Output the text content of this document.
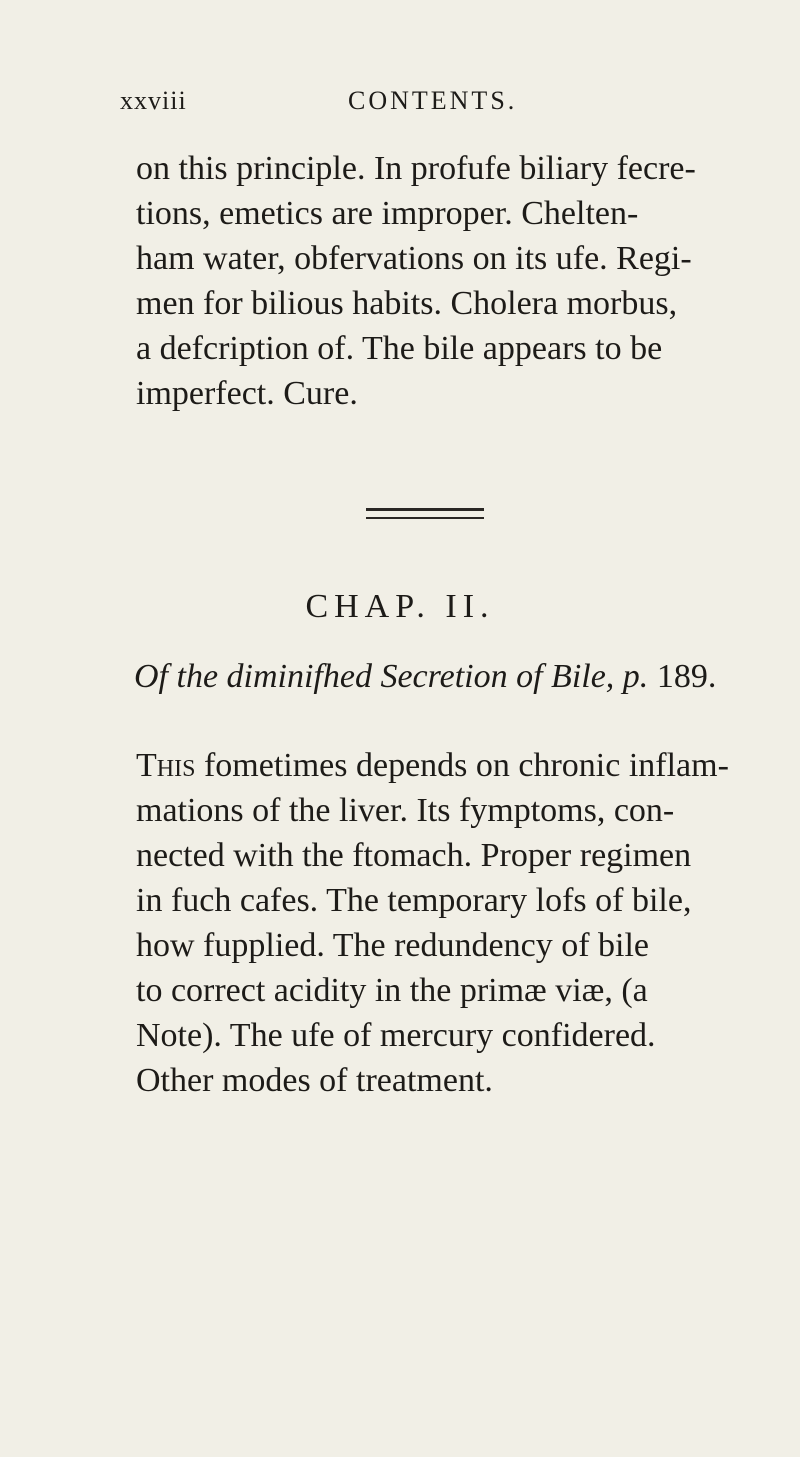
xxviii	CONTENTS.
on this principle. In profufe biliary fecre-
tions, emetics are improper. Chelten-
ham water, obfervations on its ufe. Regi-
men for bilious habits. Cholera morbus,
a defcription of. The bile appears to be
imperfect. Cure.
CHAP. II.
Of the diminifhed Secretion of Bile, p. 189.
This fometimes depends on chronic inflam-
mations of the liver. Its fymptoms, con-
nected with the ftomach. Proper regimen
in fuch cafes. The temporary lofs of bile,
how fupplied. The redundency of bile
to correct acidity in the primæ viæ, (a
Note). The ufe of mercury confidered.
Other modes of treatment.
